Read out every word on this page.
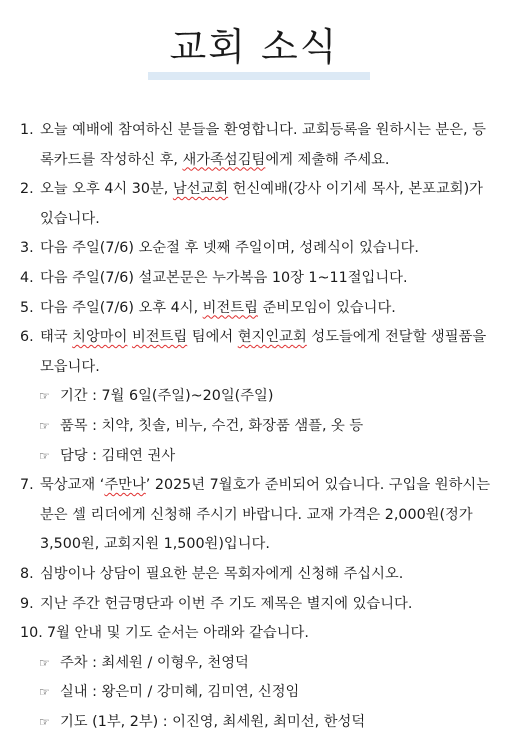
교회 소식
1. 오늘 예배에 참여하신 분들을 환영합니다. 교회등록을 원하시는 분은, 등록카드를 작성하신 후, 새가족섬김팀에게 제출해 주세요.
2. 오늘 오후 4시 30분, 남선교회 헌신예배(강사 이기세 목사, 본포교회)가 있습니다.
3. 다음 주일(7/6) 오순절 후 넷째 주일이며, 성례식이 있습니다.
4. 다음 주일(7/6) 설교본문은 누가복음 10장 1~11절입니다.
5. 다음 주일(7/6) 오후 4시, 비전트립 준비모임이 있습니다.
6. 태국 치앙마이 비전트립 팀에서 현지인교회 성도들에게 전달할 생필품을 모읍니다.
☞ 기간 : 7월 6일(주일)~20일(주일)
☞ 품목 : 치약, 칫솔, 비누, 수건, 화장품 샘플, 옷 등
☞ 담당 : 김태연 권사
7. 묵상교재 ‘주만나’ 2025년 7월호가 준비되어 있습니다. 구입을 원하시는 분은 셀 리더에게 신청해 주시기 바랍니다. 교재 가격은 2,000원(정가 3,500원, 교회지원 1,500원)입니다.
8. 심방이나 상담이 필요한 분은 목회자에게 신청해 주십시오.
9. 지난 주간 헌금명단과 이번 주 기도 제목은 별지에 있습니다.
10. 7월 안내 및 기도 순서는 아래와 같습니다.
☞ 주차 : 최세원 / 이형우, 천영덕
☞ 실내 : 왕은미 / 강미혜, 김미연, 신정임
☞ 기도 (1부, 2부) : 이진영, 최세원, 최미선, 한성덕
